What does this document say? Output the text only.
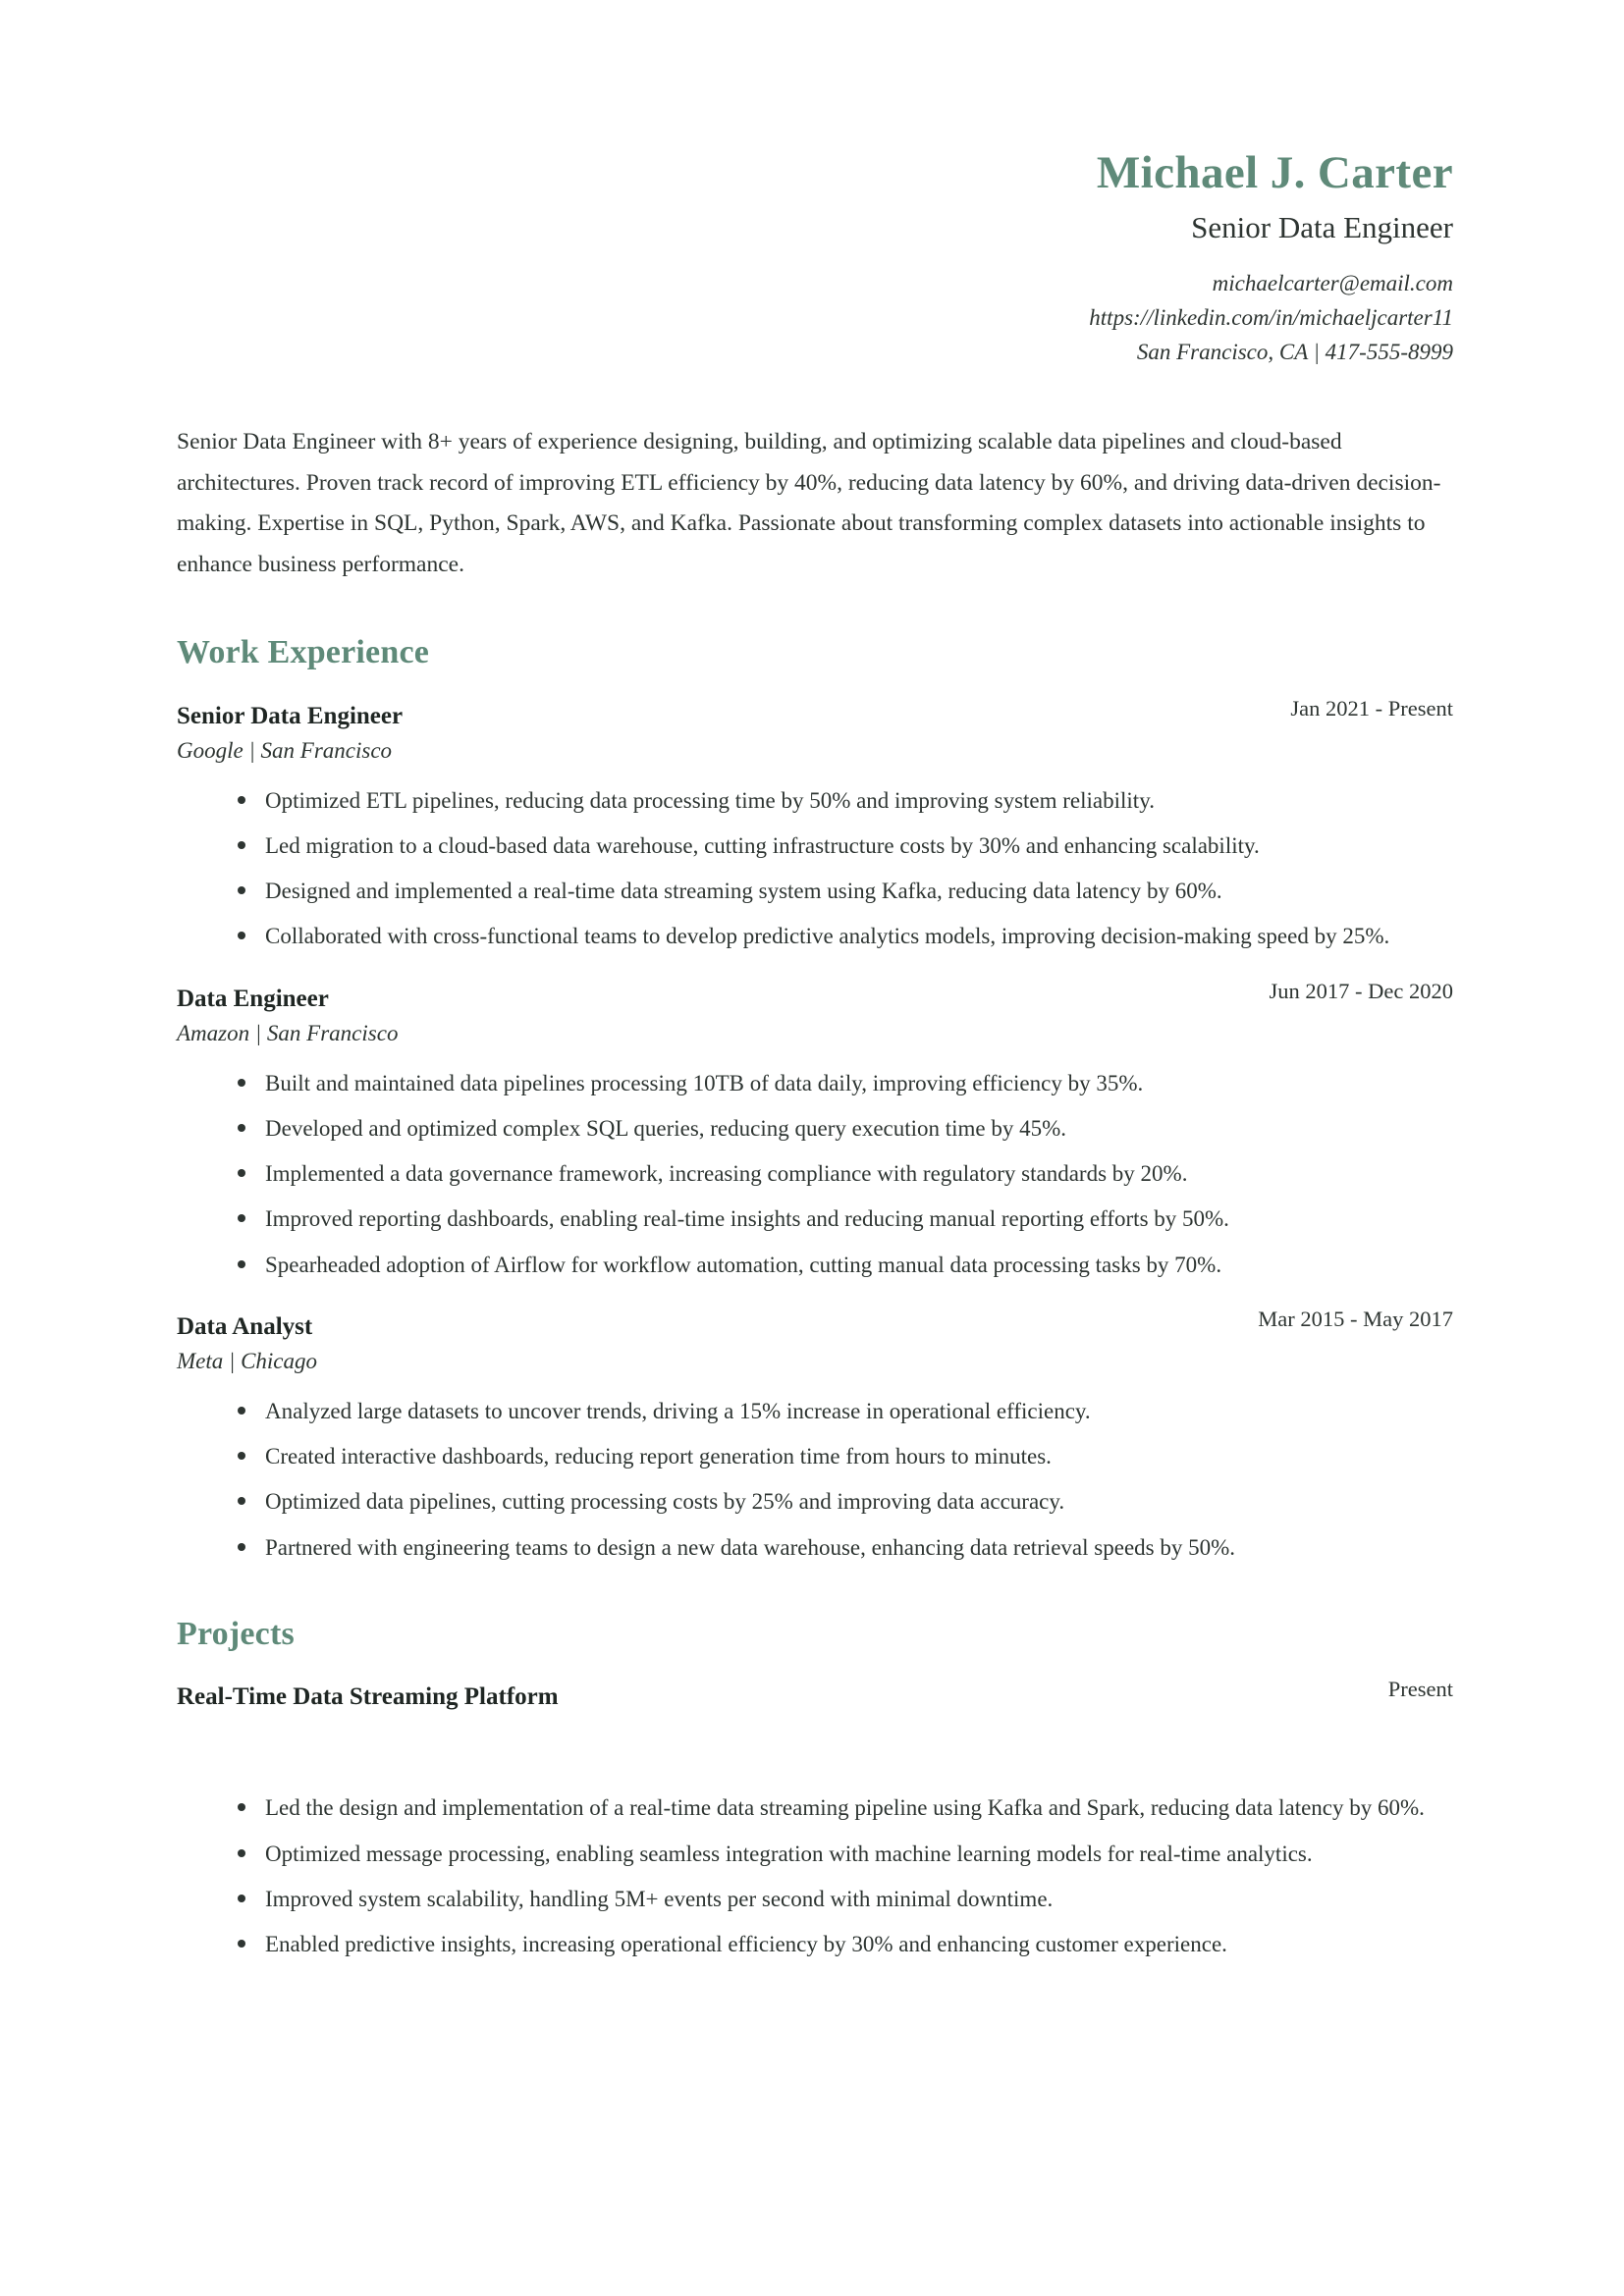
Michael J. Carter
Senior Data Engineer
michaelcarter@email.com
https://linkedin.com/in/michaeljcarter11
San Francisco, CA | 417-555-8999
Senior Data Engineer with 8+ years of experience designing, building, and optimizing scalable data pipelines and cloud-based architectures. Proven track record of improving ETL efficiency by 40%, reducing data latency by 60%, and driving data-driven decision-making. Expertise in SQL, Python, Spark, AWS, and Kafka. Passionate about transforming complex datasets into actionable insights to enhance business performance.
Work Experience
Senior Data Engineer	Jan 2021 - Present
Google | San Francisco
Optimized ETL pipelines, reducing data processing time by 50% and improving system reliability.
Led migration to a cloud-based data warehouse, cutting infrastructure costs by 30% and enhancing scalability.
Designed and implemented a real-time data streaming system using Kafka, reducing data latency by 60%.
Collaborated with cross-functional teams to develop predictive analytics models, improving decision-making speed by 25%.
Data Engineer	Jun 2017 - Dec 2020
Amazon | San Francisco
Built and maintained data pipelines processing 10TB of data daily, improving efficiency by 35%.
Developed and optimized complex SQL queries, reducing query execution time by 45%.
Implemented a data governance framework, increasing compliance with regulatory standards by 20%.
Improved reporting dashboards, enabling real-time insights and reducing manual reporting efforts by 50%.
Spearheaded adoption of Airflow for workflow automation, cutting manual data processing tasks by 70%.
Data Analyst	Mar 2015 - May 2017
Meta | Chicago
Analyzed large datasets to uncover trends, driving a 15% increase in operational efficiency.
Created interactive dashboards, reducing report generation time from hours to minutes.
Optimized data pipelines, cutting processing costs by 25% and improving data accuracy.
Partnered with engineering teams to design a new data warehouse, enhancing data retrieval speeds by 50%.
Projects
Real-Time Data Streaming Platform	Present
Led the design and implementation of a real-time data streaming pipeline using Kafka and Spark, reducing data latency by 60%.
Optimized message processing, enabling seamless integration with machine learning models for real-time analytics.
Improved system scalability, handling 5M+ events per second with minimal downtime.
Enabled predictive insights, increasing operational efficiency by 30% and enhancing customer experience.
